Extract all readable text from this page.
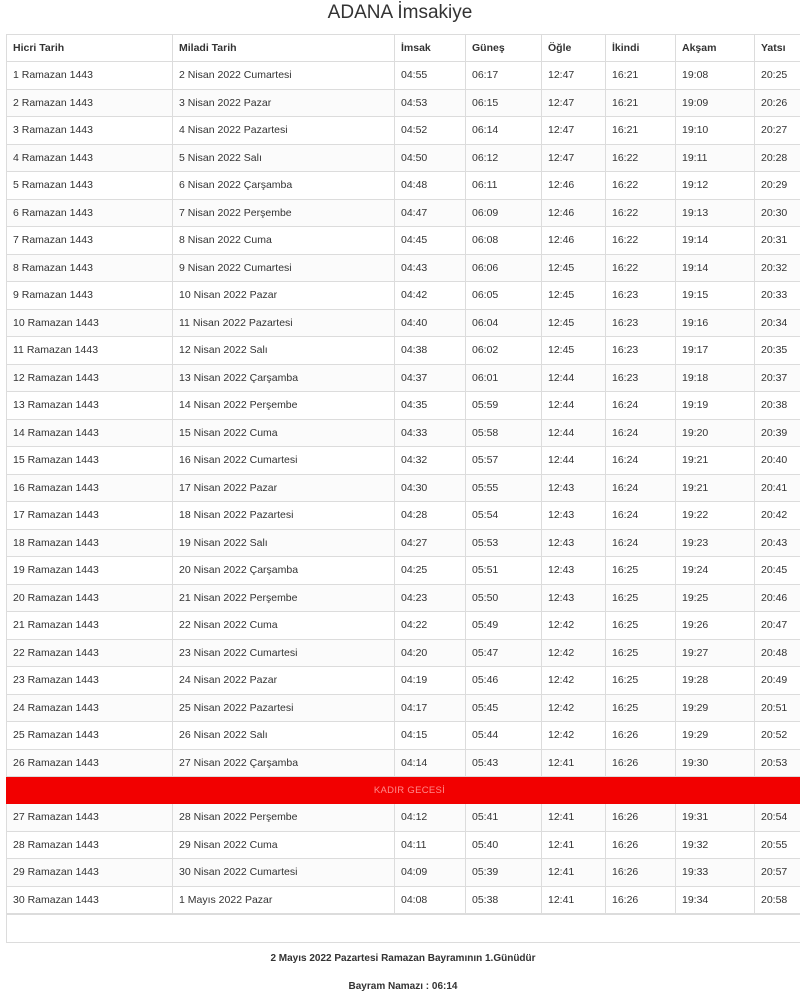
ADANA İmsakiye
Hicri Tarih	Miladi Tarih	İmsak	Güneş	Öğle	İkindi	Akşam	Yatsı
1 Ramazan 1443	2 Nisan 2022 Cumartesi	04:55	06:17	12:47	16:21	19:08	20:25
2 Ramazan 1443	3 Nisan 2022 Pazar	04:53	06:15	12:47	16:21	19:09	20:26
3 Ramazan 1443	4 Nisan 2022 Pazartesi	04:52	06:14	12:47	16:21	19:10	20:27
4 Ramazan 1443	5 Nisan 2022 Salı	04:50	06:12	12:47	16:22	19:11	20:28
5 Ramazan 1443	6 Nisan 2022 Çarşamba	04:48	06:11	12:46	16:22	19:12	20:29
6 Ramazan 1443	7 Nisan 2022 Perşembe	04:47	06:09	12:46	16:22	19:13	20:30
7 Ramazan 1443	8 Nisan 2022 Cuma	04:45	06:08	12:46	16:22	19:14	20:31
8 Ramazan 1443	9 Nisan 2022 Cumartesi	04:43	06:06	12:45	16:22	19:14	20:32
9 Ramazan 1443	10 Nisan 2022 Pazar	04:42	06:05	12:45	16:23	19:15	20:33
10 Ramazan 1443	11 Nisan 2022 Pazartesi	04:40	06:04	12:45	16:23	19:16	20:34
11 Ramazan 1443	12 Nisan 2022 Salı	04:38	06:02	12:45	16:23	19:17	20:35
12 Ramazan 1443	13 Nisan 2022 Çarşamba	04:37	06:01	12:44	16:23	19:18	20:37
13 Ramazan 1443	14 Nisan 2022 Perşembe	04:35	05:59	12:44	16:24	19:19	20:38
14 Ramazan 1443	15 Nisan 2022 Cuma	04:33	05:58	12:44	16:24	19:20	20:39
15 Ramazan 1443	16 Nisan 2022 Cumartesi	04:32	05:57	12:44	16:24	19:21	20:40
16 Ramazan 1443	17 Nisan 2022 Pazar	04:30	05:55	12:43	16:24	19:21	20:41
17 Ramazan 1443	18 Nisan 2022 Pazartesi	04:28	05:54	12:43	16:24	19:22	20:42
18 Ramazan 1443	19 Nisan 2022 Salı	04:27	05:53	12:43	16:24	19:23	20:43
19 Ramazan 1443	20 Nisan 2022 Çarşamba	04:25	05:51	12:43	16:25	19:24	20:45
20 Ramazan 1443	21 Nisan 2022 Perşembe	04:23	05:50	12:43	16:25	19:25	20:46
21 Ramazan 1443	22 Nisan 2022 Cuma	04:22	05:49	12:42	16:25	19:26	20:47
22 Ramazan 1443	23 Nisan 2022 Cumartesi	04:20	05:47	12:42	16:25	19:27	20:48
23 Ramazan 1443	24 Nisan 2022 Pazar	04:19	05:46	12:42	16:25	19:28	20:49
24 Ramazan 1443	25 Nisan 2022 Pazartesi	04:17	05:45	12:42	16:25	19:29	20:51
25 Ramazan 1443	26 Nisan 2022 Salı	04:15	05:44	12:42	16:26	19:29	20:52
26 Ramazan 1443	27 Nisan 2022 Çarşamba	04:14	05:43	12:41	16:26	19:30	20:53
KADIR GECESİ							
27 Ramazan 1443	28 Nisan 2022 Perşembe	04:12	05:41	12:41	16:26	19:31	20:54
28 Ramazan 1443	29 Nisan 2022 Cuma	04:11	05:40	12:41	16:26	19:32	20:55
29 Ramazan 1443	30 Nisan 2022 Cumartesi	04:09	05:39	12:41	16:26	19:33	20:57
30 Ramazan 1443	1 Mayıs 2022 Pazar	04:08	05:38	12:41	16:26	19:34	20:58
2 Mayıs 2022 Pazartesi Ramazan Bayramının 1.Günüdür
Bayram Namazı : 06:14
